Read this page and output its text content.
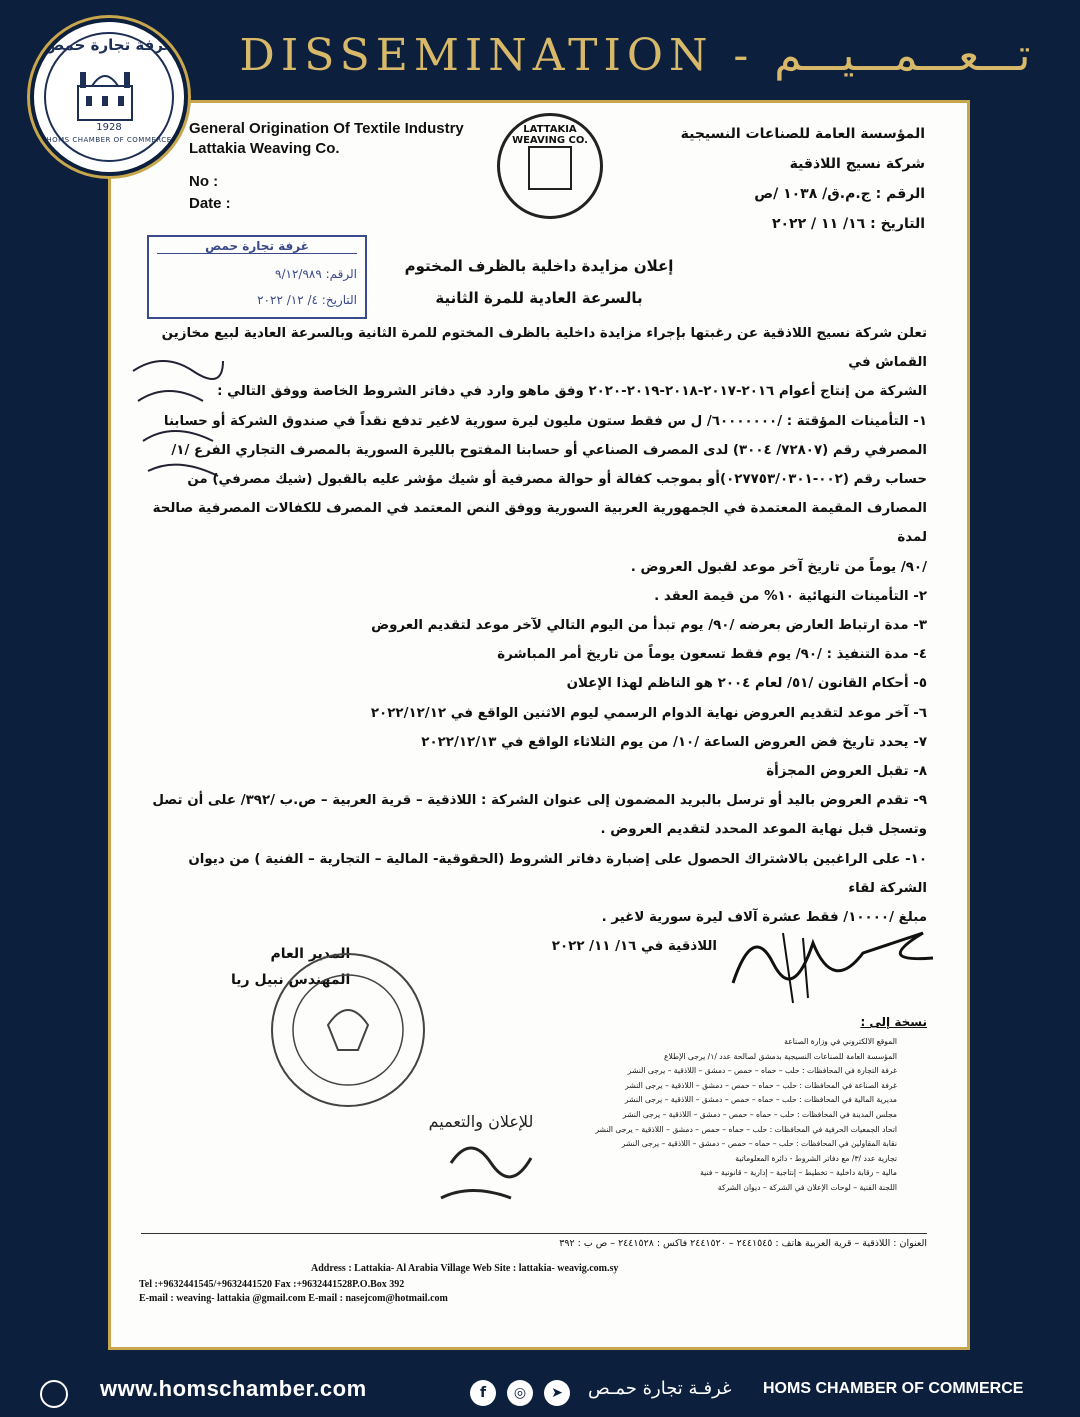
DISSEMINATION - تـــعـــمـــيـــم
غرفة تجارة حمص
1928
HOMS CHAMBER OF COMMERCE
General Origination Of Textile Industry
Lattakia Weaving Co.
No :
Date :
LATTAKIA WEAVING CO.	المؤسسة العامة للصناعات النسيجية
شركة نسيج اللاذقية
الرقم : ج.م.ق/ ١٠٣٨ /ص
التاريخ : ١٦/ ١١ / ٢٠٢٢
غرفة تجارة حمص
الرقم: ٩/١٢/٩٨٩
التاريخ: ٤/ ١٢/ ٢٠٢٢
إعلان مزايدة داخلية بالظرف المختوم
بالسرعة العادية للمرة الثانية

تعلن شركة نسيج اللاذقية عن رغبتها بإجراء مزايدة داخلية بالظرف المختوم للمرة الثانية وبالسرعة العادية لبيع مخازين القماش في

الشركة من إنتاج أعوام ٢٠١٦-٢٠١٧-٢٠١٨-٢٠١٩-٢٠٢٠ وفق ماهو وارد في دفاتر الشروط الخاصة ووفق التالي :

١- التأمينات المؤقتة : /٦٠٠٠٠٠٠٠/ ل س فقط ستون مليون ليرة سورية لاغير تدفع نقداً في صندوق الشركة أو حسابنا

المصرفي رقم (٧٢٨٠٧/ ٣٠٠٤) لدى المصرف الصناعي أو حسابنا المفتوح بالليرة السورية بالمصرف التجاري الفرع /١/

حساب رقم (٠٠٢-٠٢٧٧٥٣/٠٣٠١)أو بموجب كفالة أو حوالة مصرفية أو شيك مؤشر عليه بالقبول (شيك مصرفي) من

المصارف المقيمة المعتمدة في الجمهورية العربية السورية ووفق النص المعتمد في المصرف للكفالات المصرفية صالحة لمدة

/٩٠/ يوماً من تاريخ آخر موعد لقبول العروض .

٢- التأمينات النهائية ١٠% من قيمة العقد .

٣- مدة ارتباط العارض بعرضه /٩٠/ يوم تبدأ من اليوم التالي لآخر موعد لتقديم العروض

٤- مدة التنفيذ : /٩٠/ يوم فقط تسعون يوماً من تاريخ أمر المباشرة

٥- أحكام القانون /٥١/ لعام ٢٠٠٤ هو الناظم لهذا الإعلان

٦- آخر موعد لتقديم العروض نهاية الدوام الرسمي ليوم الاثنين الواقع في ٢٠٢٢/١٢/١٢

٧- يحدد تاريخ فض العروض الساعة /١٠/ من يوم الثلاثاء الواقع في ٢٠٢٢/١٢/١٣

٨- تقبل العروض المجزأة

٩- تقدم العروض باليد أو ترسل بالبريد المضمون إلى عنوان الشركة : اللاذقية – قرية العربية – ص.ب /٣٩٢/ على أن تصل

وتسجل قبل نهاية الموعد المحدد لتقديم العروض .

١٠- على الراغبين بالاشتراك الحصول على إضبارة دفاتر الشروط (الحقوقية- المالية – التجارية – الفنية ) من ديوان الشركة لقاء

مبلغ /١٠٠٠٠/ فقط عشرة آلاف ليرة سورية لاغير .

اللاذقية في ١٦/ ١١/ ٢٠٢٢

المدير العام
المهندس نبيل ريا
نسخة إلى :
الموقع الالكتروني في وزارة الصناعة
المؤسسة العامة للصناعات النسيجية بدمشق لصالحة عدد /١/ يرجى الإطلاع
غرفة التجارة في المحافظات : حلب – حماه – حمص – دمشق – اللاذقية – يرجى النشر
غرفة الصناعة في المحافظات : حلب – حماه – حمص – دمشق – اللاذقية – يرجى النشر
مديرية المالية في المحافظات : حلب – حماه – حمص – دمشق – اللاذقية – يرجى النشر
مجلس المدينة في المحافظات : حلب – حماه – حمص – دمشق – اللاذقية – يرجى النشر
اتحاد الجمعيات الحرفية في المحافظات : حلب – حماه – حمص – دمشق – اللاذقية – يرجى النشر
نقابة المقاولين في المحافظات : حلب – حماه – حمص – دمشق – اللاذقية – يرجى النشر
تجارية عدد /٣/ مع دفاتر الشروط - دائرة المعلوماتية
مالية – رقابة داخلية – تخطيط – إنتاجية – إدارية – قانونية – فنية
اللجنة الفنية – لوحات الإعلان في الشركة – ديوان الشركة
للإعلان والتعميم
العنوان : اللاذقية – قرية العربية هاتف : ٢٤٤١٥٤٥ – ٢٤٤١٥٢٠ فاكس : ٢٤٤١٥٢٨ – ص ب : ٣٩٢
Address : Lattakia- Al Arabia Village Web Site : lattakia- weavig.com.sy
Tel :+9632441545/+9632441520 Fax :+9632441528P.O.Box 392
E-mail : weaving- lattakia @gmail.com E-mail : nasejcom@hotmail.com
www.homschamber.com	f	◎	➤	غرفـة تجارة حمـص HOMS CHAMBER OF COMMERCE
